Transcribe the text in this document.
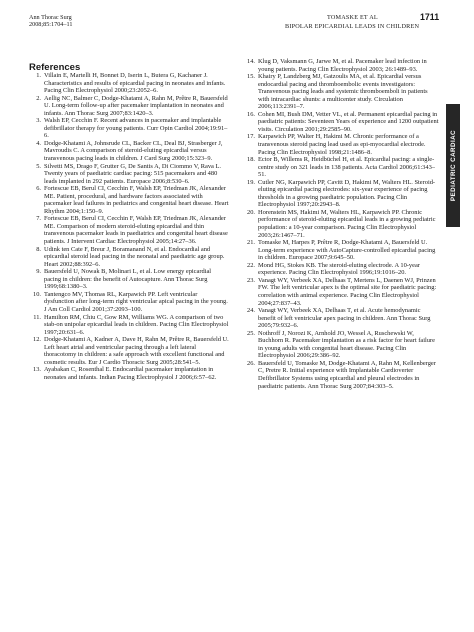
Ann Thorac Surg
2008;85:1704–11
TOMASKE ET AL	1711
BIPOLAR EPICARDIAL LEADS IN CHILDREN
References
1. Villain E, Martelli H, Bonnet D, Iserin L, Butera G, Kachaner J. Characteristics and results of epicardial pacing in neonates and infants. Pacing Clin Electrophysiol 2000;23:2052–6.
2. Aellig NC, Balmer C, Dodge-Khatami A, Rahn M, Prêtre R, Bauersfeld U. Long-term follow-up after pacemaker implantation in neonates and infants. Ann Thorac Surg 2007;83:1420–3.
3. Walsh EP, Cecchin F. Recent advances in pacemaker and implantable defibrillator therapy for young patients. Curr Opin Cardiol 2004;19:91–6.
4. Dodge-Khatami A, Johnsrude CL, Backer CL, Deal BJ, Strasberger J, Mavroudis C. A comparison of steroid-eluting epicardial versus transvenous pacing leads in children. J Card Surg 2000;15:323–9.
5. Silvetti MS, Drago F, Grutter G, De Santis A, Di Ciommo V, Rava L. Twenty years of paediatric cardiac pacing: 515 pacemakers and 480 leads implanted in 292 patients. Europace 2006;8:530–6.
6. Fortescue EB, Berul CI, Cecchin F, Walsh EP, Triedman JK, Alexander ME. Patient, procedural, and hardware factors associated with pacemaker lead failures in pediatrics and congenital heart disease. Heart Rhythm 2004;1:150–9.
7. Fortescue EB, Berul CI, Cecchin F, Walsh EP, Triedman JK, Alexander ME. Comparison of modern steroid-eluting epicardial and thin transvenous pacemaker leads in paediatrics and congenital heart disease patients. J Intervent Cardiac Electrophysiol 2005;14:27–36.
8. Udink ten Cate F, Breur J, Boramanand N, et al. Endocardial and epicardial steroid lead pacing in the neonatal and paediatric age group. Heart 2002;88:392–6.
9. Bauersfeld U, Nowak B, Molinari L, et al. Low energy epicardial pacing in children: the benefit of Autocapture. Ann Thorac Surg 1999;68:1380–3.
10. Tantengco MV, Thomas RL, Karpawich PP. Left ventricular dysfunction after long-term right ventricular apical pacing in the young. J Am Coll Cardiol 2001;37:2093–100.
11. Hamilton RM, Chiu C, Gow RM, Williams WG. A comparison of two stab-on unipolar epicardial leads in children. Pacing Clin Electrophysiol 1997;20:631–6.
12. Dodge-Khatami A, Kadner A, Dave H, Rahn M, Prêtre R, Bauersfeld U. Left heart atrial and ventricular pacing through a left lateral thoracotomy in children: a safe approach with excellent functional and cosmetic results. Eur J Cardio Thoracic Surg 2005;28:541–5.
13. Ayabakan C, Rosenthal E. Endocardial pacemaker implantation in neonates and infants. Indian Pacing Electrophysiol J 2006;6:57–62.
14. Klug D, Vaksmann G, Jarwe M, et al. Pacemaker lead infection in young patients. Pacing Clin Electrophysiol 2003; 26:1489–93.
15. Khairy P, Landzberg MJ, Gatzoulis MA, et al. Epicardial versus endocardial pacing and thromboembolic events investigators: Transvenous pacing leads and systemic thromboemboli in patients with intracardiac shunts: a multicenter study. Circulation 2006;113:2391–7.
16. Cohen MI, Bush DM, Vetter VL, et al. Permanent epicardial pacing in paediatric patients: Seventeen Years of experience and 1200 outpatient visits. Circulation 2001;29:2585–90.
17. Karpawich PP, Walter H, Hakimi M. Chronic performance of a transvenous steroid pacing lead used as epi-myocardial electrode. Pacing Clin Electrophysiol 1998;21:1486–8.
18. Ector B, Willems R, Heidbüchel H, et al. Epicardial pacing: a single-centre study on 321 leads in 138 patients. Acta Cardiol 2006;61:343–51.
19. Cutler NG, Karpawich PP, Cavitt D, Hakimi M, Walters HL. Steroid-eluting epicardial pacing electrodes: six-year experience of pacing thresholds in a growing paediatric population. Pacing Clin Electrophysiol 1997;20:2943–8.
20. Horenstein MS, Hakimi M, Walters HL, Karpawich PP. Chronic performance of steroid-eluting epicardial leads in a growing pediatric population: a 10-year comparison. Pacing Clin Electrophysiol 2003;26:1467–71.
21. Tomaske M, Harpes P, Prêtre R, Dodge-Khatami A, Bauersfeld U. Long-term experience with AutoCapture-controlled epicardial pacing in children. Europace 2007;9:645–50.
22. Mond HG, Stokes KB. The steroid-eluting electrode. A 10-year experience. Pacing Clin Electrophysiol 1996;19:1016–20.
23. Vanagt WY, Verbeek XA, Delhaas T, Mertens L, Daenen WJ, Prinzen FW. The left ventricular apex is the optimal site for paediatric pacing: correlation with animal experience. Pacing Clin Electrophysiol 2004;27:837–43.
24. Vanagt WY, Verbeek XA, Delhaas T, et al. Acute hemodynamic benefit of left ventricular apex pacing in children. Ann Thorac Surg 2005;79:932–6.
25. Nothroff J, Norozi K, Arnhold JO, Wessel A, Ruschewski W, Buchhorn R. Pacemaker implantation as a risk factor for heart failure in young adults with congenital heart disease. Pacing Clin Electrophysiol 2006;29:386–92.
26. Bauersfeld U, Tomaske M, Dodge-Khatami A, Rahn M, Kellenberger C, Pretre R. Initial experience with Implantable Cardioverter Defibrillator Systems using epicardial and pleural electrodes in paediatric patients. Ann Thorac Surg 2007;84:303–5.
PEDIATRIC CARDIAC
